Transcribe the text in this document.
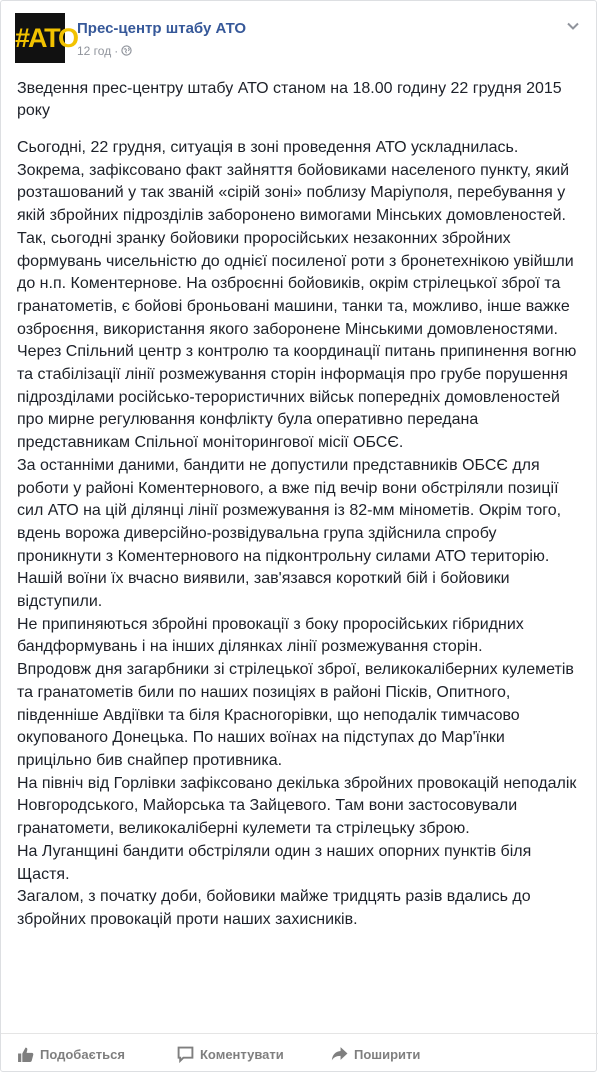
#АТО Прес-центр штабу АТО
12 год ·
Зведення прес-центру штабу АТО станом на 18.00 годину 22 грудня 2015 року

Сьогодні, 22 грудня, ситуація в зоні проведення АТО ускладнилась. Зокрема, зафіксовано факт зайняття бойовиками населеного пункту, який розташований у так званій «сірій зоні» поблизу Маріуполя, перебування у якій збройних підрозділів заборонено вимогами Мінських домовленостей.

Так, сьогодні зранку бойовики проросійських незаконних збройних формувань чисельністю до однієї посиленої роти з бронетехнікою увійшли до н.п. Коментернове. На озброєнні бойовиків, окрім стрілецької зброї та гранатометів, є бойові броньовані машини, танки та, можливо, інше важке озброєння, використання якого заборонене Мінськими домовленостями.

Через Спільний центр з контролю та координації питань припинення вогню та стабілізації лінії розмежування сторін інформація про грубе порушення підрозділами російсько-терористичних військ попередніх домовленостей про мирне регулювання конфлікту була оперативно передана представникам Спільної моніторингової місії ОБСЄ.

За останніми даними, бандити не допустили представників ОБСЄ для роботи у районі Коментернового, а вже під вечір вони обстріляли позиції сил АТО на цій ділянці лінії розмежування із 82-мм мінометів. Окрім того, вдень ворожа диверсійно-розвідувальна група здійснила спробу проникнути з Коментернового на підконтрольну силами АТО територію. Нашій воїни їх вчасно виявили, зав'язався короткий бій і бойовики відступили.

Не припиняються збройні провокації з боку проросійських гібридних бандформувань і на інших ділянках лінії розмежування сторін.

Впродовж дня загарбники зі стрілецької зброї, великокаліберних кулеметів та гранатометів били по наших позиціях в районі Пісків, Опитного, південніше Авдіївки та біля Красногорівки, що неподалік тимчасово окупованого Донецька. По наших воїнах на підступах до Мар'їнки прицільно бив снайпер противника.

На північ від Горлівки зафіксовано декілька збройних провокацій неподалік Новгородського, Майорська та Зайцевого. Там вони застосовували гранатомети, великокаліберні кулемети та стрілецьку зброю.

На Луганщині бандити обстріляли один з наших опорних пунктів біля Щастя.

Загалом, з початку доби, бойовики майже тридцять разів вдались до збройних провокацій проти наших захисників.

Подобається	Коментувати	Поширити
